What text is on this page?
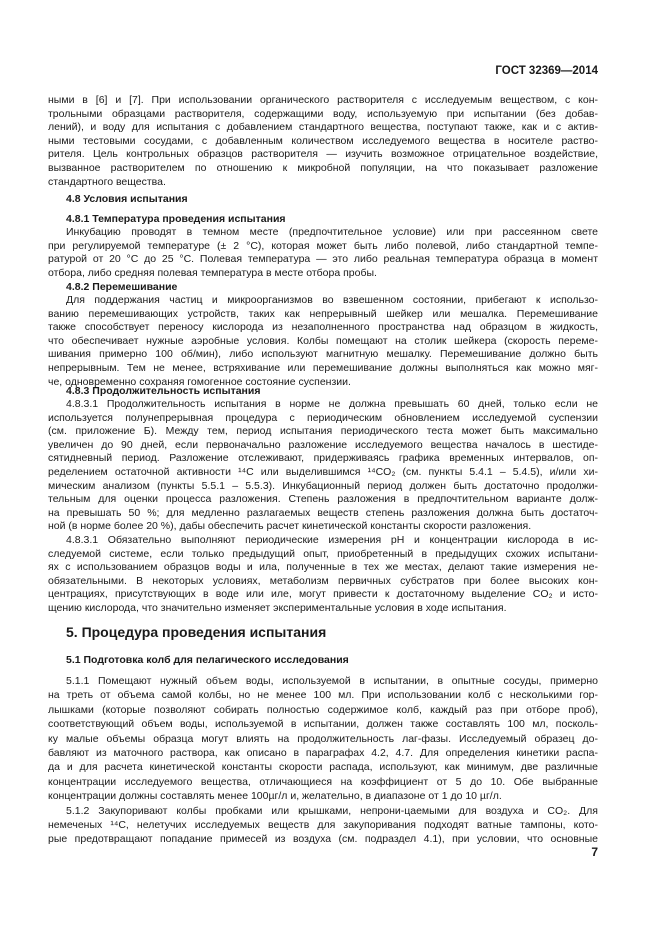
ГОСТ 32369—2014
ными в [6] и [7]. При использовании органического растворителя с исследуемым веществом, с кон-
трольными образцами растворителя, содержащими воду, используемую при испытании (без добав-
лений), и воду для испытания с добавлением стандартного вещества, поступают также, как и с актив-
ными тестовыми сосудами, с добавленным количеством исследуемого вещества в носителе раство-
рителя. Цель контрольных образцов растворителя — изучить возможное отрицательное воздействие,
вызванное растворителем по отношению к микробной популяции, на что показывает разложение
стандартного вещества.
4.8 Условия испытания
4.8.1 Температура проведения испытания
Инкубацию проводят в темном месте (предпочтительное условие) или при рассеянном свете
при регулируемой температуре (± 2 °С), которая может быть либо полевой, либо стандартной темпе-
ратурой от 20 °С до 25 °С. Полевая температура — это либо реальная температура образца в момент
отбора, либо средняя полевая температура в месте отбора пробы.
4.8.2 Перемешивание
Для поддержания частиц и микроорганизмов во взвешенном состоянии, прибегают к использо-
ванию перемешивающих устройств, таких как непрерывный шейкер или мешалка. Перемешивание
также способствует переносу кислорода из незаполненного пространства над образцом в жидкость,
что обеспечивает нужные аэробные условия. Колбы помещают на столик шейкера (скорость переме-
шивания примерно 100 об/мин), либо используют магнитную мешалку. Перемешивание должно быть
непрерывным. Тем не менее, встряхивание или перемешивание должны выполняться как можно мяг-
че, одновременно сохраняя гомогенное состояние суспензии.
4.8.3 Продолжительность испытания
4.8.3.1 Продолжительность испытания в норме не должна превышать 60 дней, только если не
используется полунепрерывная процедура с периодическим обновлением исследуемой суспензии
(см. приложение Б). Между тем, период испытания периодического теста может быть максимально
увеличен до 90 дней, если первоначально разложение исследуемого вещества началось в шестиде-
сятидневный период. Разложение отслеживают, придерживаясь графика временных интервалов, оп-
ределением остаточной активности ¹⁴C или выделившимся ¹⁴CO₂ (см. пункты 5.4.1 – 5.4.5), и/или хи-
мическим анализом (пункты 5.5.1 – 5.5.3). Инкубационный период должен быть достаточно продолжи-
тельным для оценки процесса разложения. Степень разложения в предпочтительном варианте долж-
на превышать 50 %; для медленно разлагаемых веществ степень разложения должна быть достаточ-
ной (в норме более 20 %), дабы обеспечить расчет кинетической константы скорости разложения.
4.8.3.1 Обязательно выполняют периодические измерения pH и концентрации кислорода в ис-
следуемой системе, если только предыдущий опыт, приобретенный в предыдущих схожих испытани-
ях с использованием образцов воды и ила, полученные в тех же местах, делают такие измерения не-
обязательными. В некоторых условиях, метаболизм первичных субстратов при более высоких кон-
центрациях, присутствующих в воде или иле, могут привести к достаточному выделение CO₂ и исто-
щению кислорода, что значительно изменяет экспериментальные условия в ходе испытания.
5. Процедура проведения испытания
5.1 Подготовка колб для пелагического исследования
5.1.1 Помещают нужный объем воды, используемой в испытании, в опытные сосуды, примерно
на треть от объема самой колбы, но не менее 100 мл. При использовании колб с несколькими гор-
лышками (которые позволяют собирать полностью содержимое колб, каждый раз при отборе проб),
соответствующий объем воды, используемой в испытании, должен также составлять 100 мл, посколь-
ку малые объемы образца могут влиять на продолжительность лаг-фазы. Исследуемый образец до-
бавляют из маточного раствора, как описано в параграфах 4.2, 4.7. Для определения кинетики распа-
да и для расчета кинетической константы скорости распада, используют, как минимум, две различные
концентрации исследуемого вещества, отличающиеся на коэффициент от 5 до 10. Обе выбранные
концентрации должны составлять менее 100µг/л и, желательно, в диапазоне от 1 до 10 µг/л.
5.1.2 Закупоривают колбы пробками или крышками, непрони-цаемыми для воздуха и CO₂. Для
немеченых ¹⁴C, нелетучих исследуемых веществ для закупоривания подходят ватные тампоны, кото-
рые предотвращают попадание примесей из воздуха (см. подраздел 4.1), при условии, что основные
7
